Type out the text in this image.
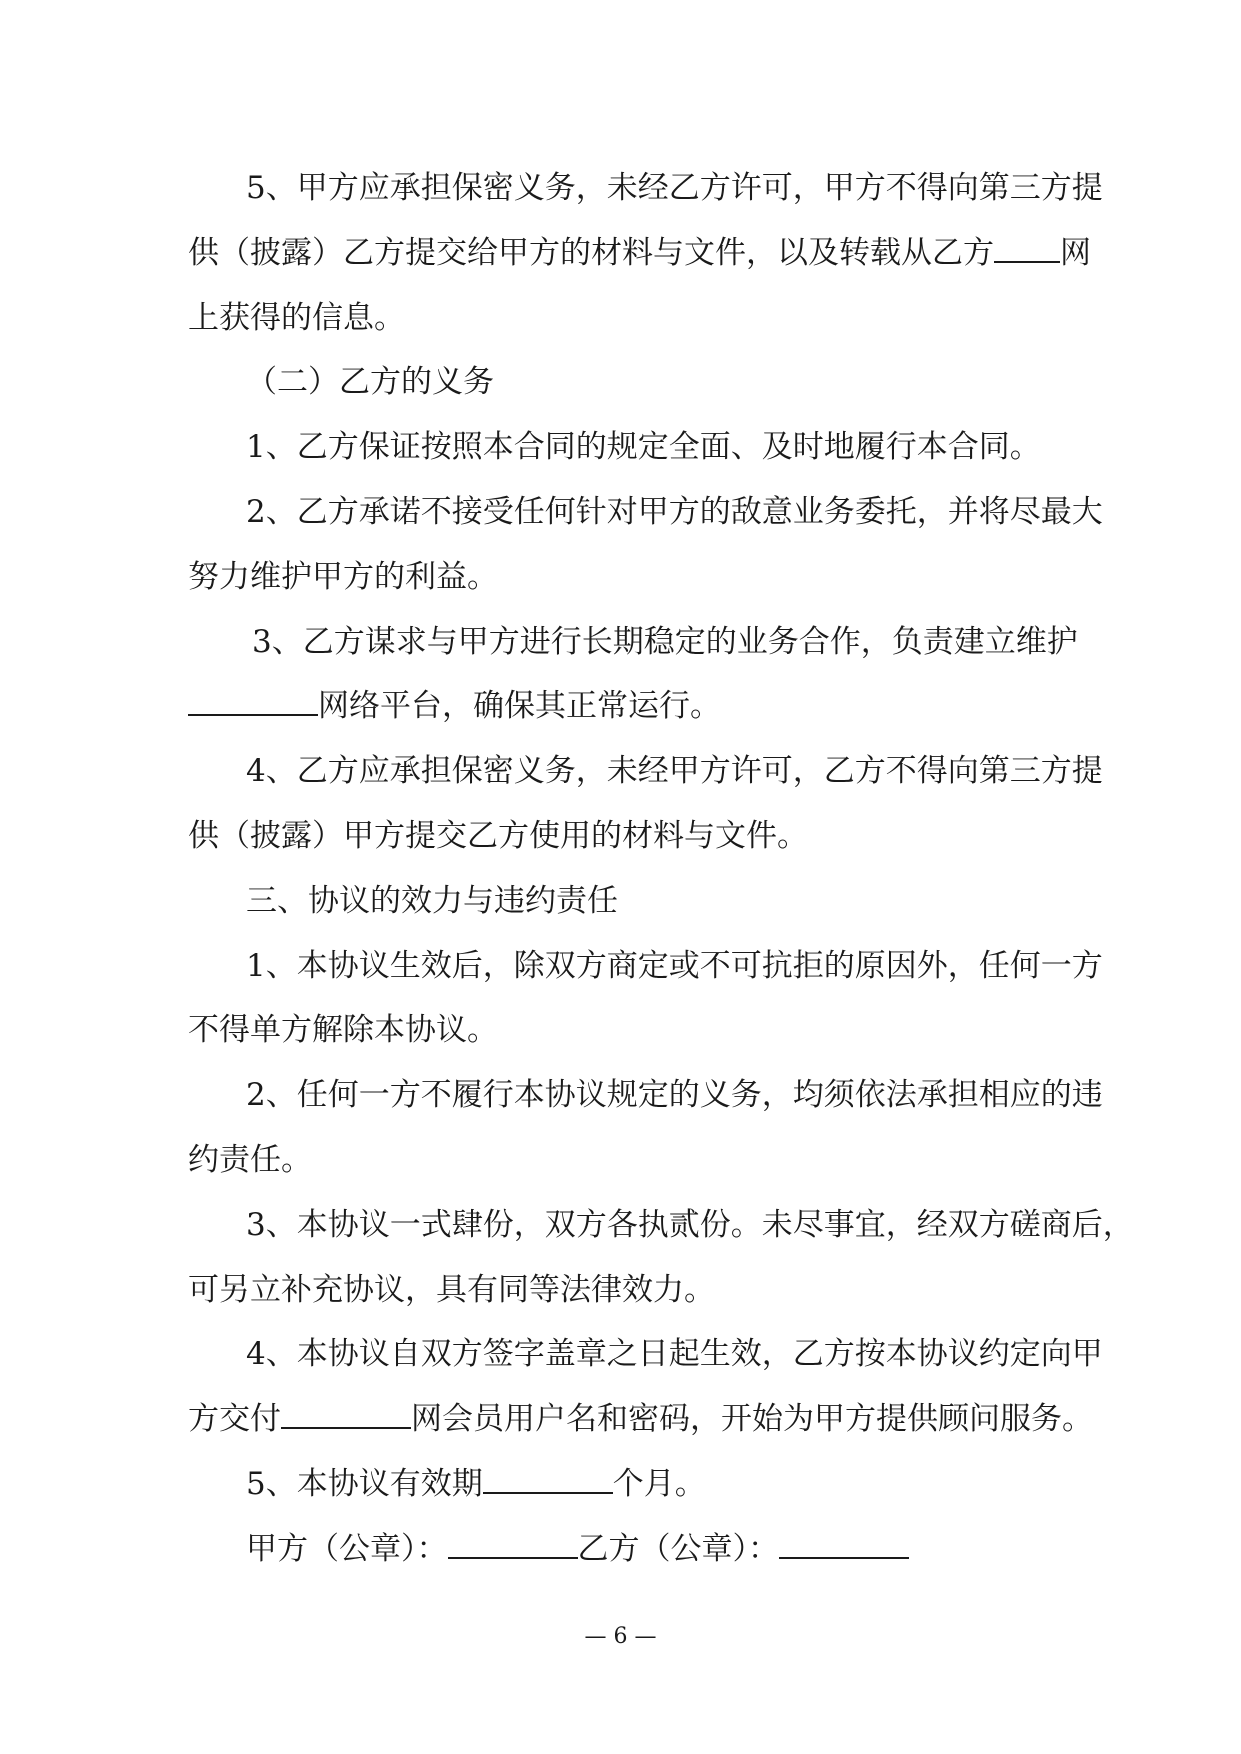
5、甲方应承担保密义务，未经乙方许可，甲方不得向第三方提
供（披露）乙方提交给甲方的材料与文件，以及转载从乙方 网
上获得的信息。
（二）乙方的义务
1、乙方保证按照本合同的规定全面、及时地履行本合同。
2、乙方承诺不接受任何针对甲方的敌意业务委托，并将尽最大
努力维护甲方的利益。
3、乙方谋求与甲方进行长期稳定的业务合作，负责建立维护
网络平台，确保其正常运行。
4、乙方应承担保密义务，未经甲方许可，乙方不得向第三方提
供（披露）甲方提交乙方使用的材料与文件。
三、协议的效力与违约责任
1、本协议生效后，除双方商定或不可抗拒的原因外，任何一方
不得单方解除本协议。
2、任何一方不履行本协议规定的义务，均须依法承担相应的违
约责任。
3、本协议一式肆份，双方各执贰份。未尽事宜，经双方磋商后，
可另立补充协议，具有同等法律效力。
4、本协议自双方签字盖章之日起生效，乙方按本协议约定向甲
方交付	网会员用户名和密码，开始为甲方提供顾问服务。
5、本协议有效期	个月。
甲方（公章）：	乙方（公章）：
— 6 —
